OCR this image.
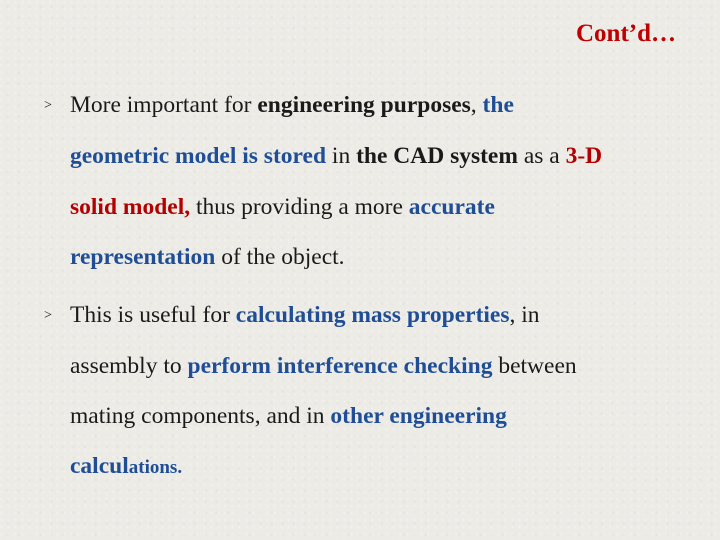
Cont’d…
> More important for engineering purposes, the
geometric model is stored in the CAD system as a 3-D
solid model, thus providing a more accurate
representation of the object.
> This is useful for calculating mass properties, in
assembly to perform interference checking between
mating components, and in other engineering
calculations.
